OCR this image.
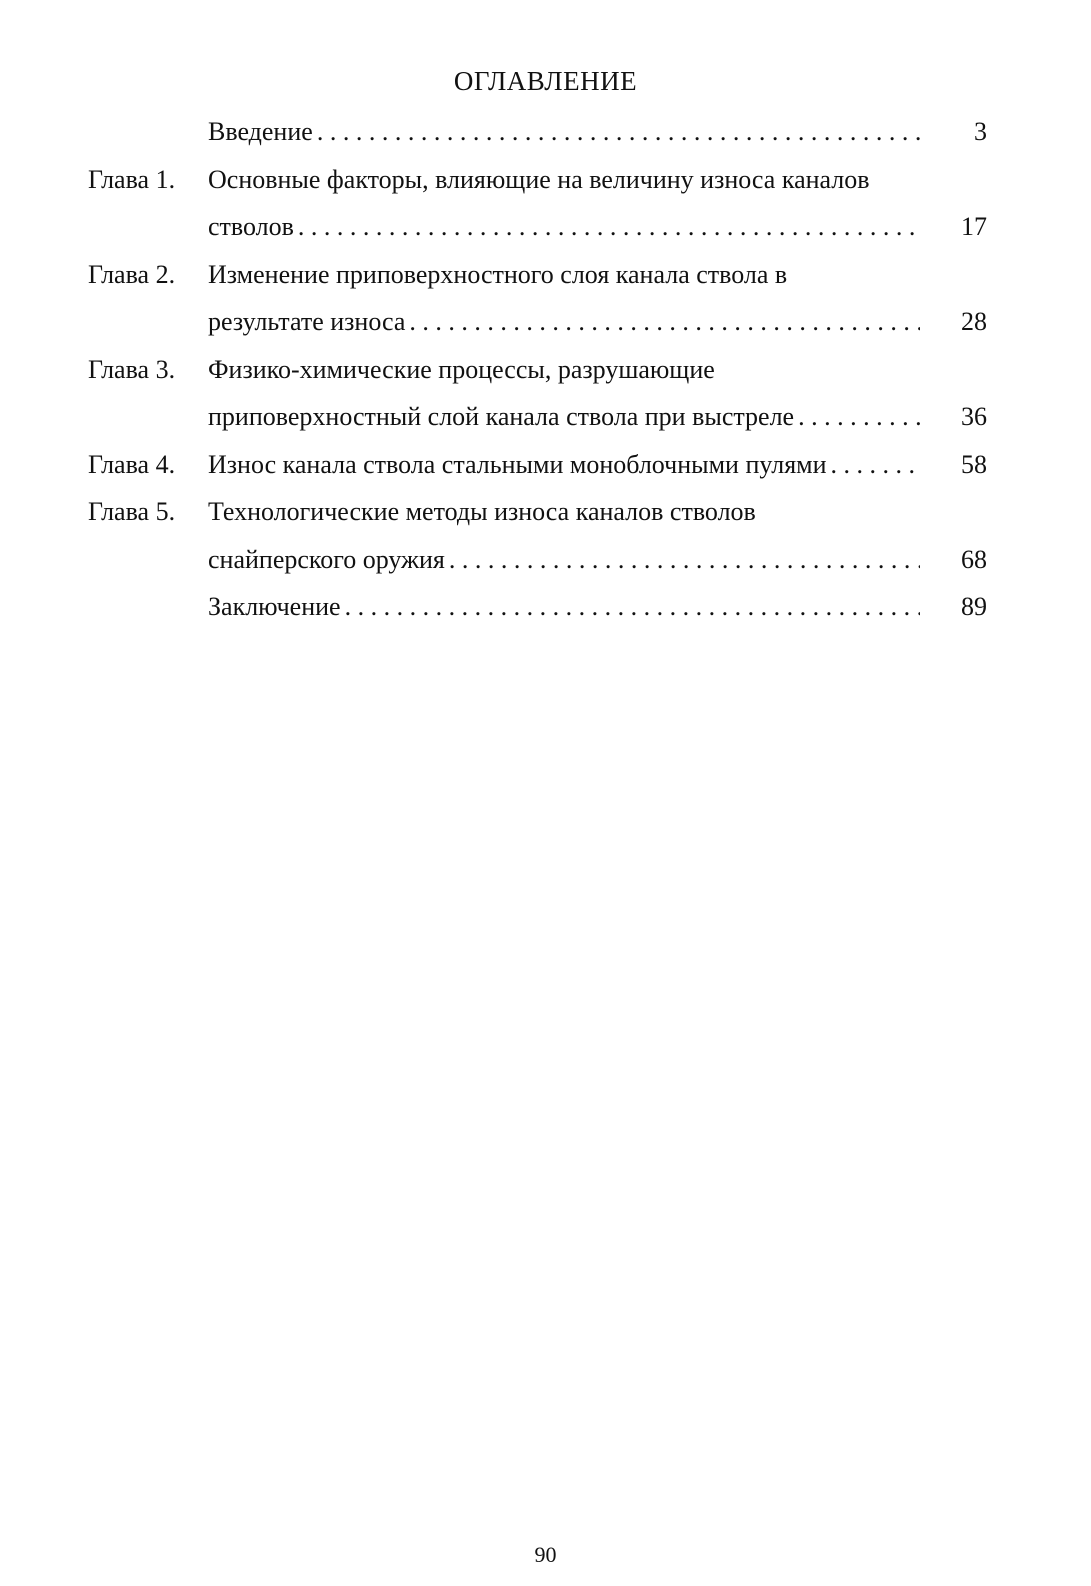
ОГЛАВЛЕНИЕ
Введение . . .	3
Глава 1. Основные факторы, влияющие на величину износа каналов
стволов . . .	17
Глава 2. Изменение приповерхностного слоя канала ствола в
результате износа . . .	28
Глава 3. Физико-химические процессы, разрушающие
приповерхностный слой канала ствола при выстреле . . .	36
Глава 4. Износ канала ствола стальными моноблочными пулями . . .	58
Глава 5. Технологические методы износа каналов стволов
снайперского оружия . . .	68
Заключение . . .	89
90
